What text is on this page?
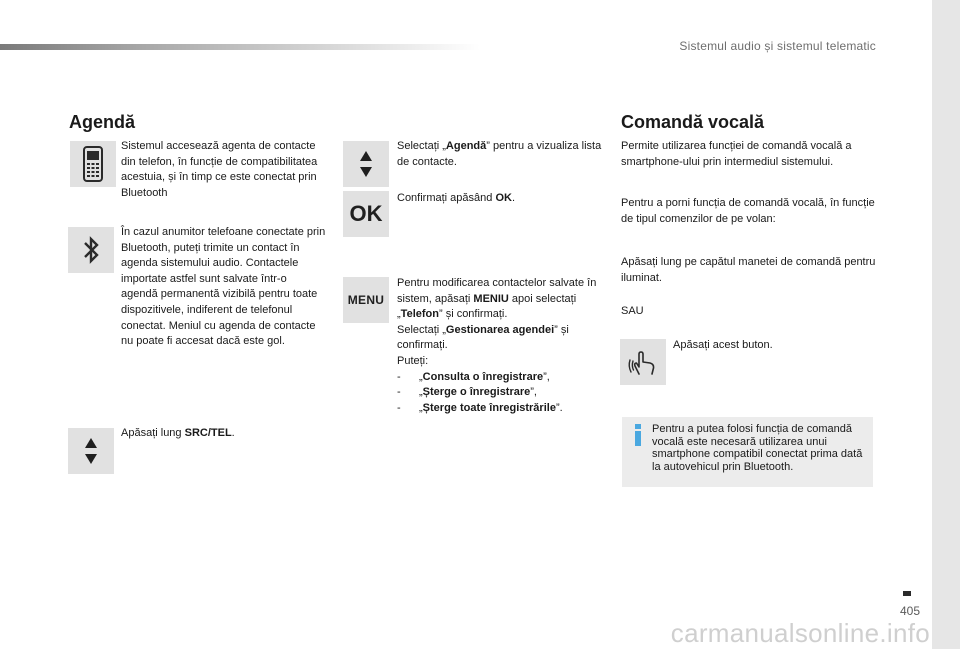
Sistemul audio și sistemul telematic
Agendă
Sistemul accesează agenta de contacte din telefon, în funcție de compatibilitatea acestuia, și în timp ce este conectat prin Bluetooth
În cazul anumitor telefoane conectate prin Bluetooth, puteți trimite un contact în agenda sistemului audio. Contactele importate astfel sunt salvate într-o agendă permanentă vizibilă pentru toate dispozitivele, indiferent de telefonul conectat. Meniul cu agenda de contacte nu poate fi accesat dacă este gol.
Apăsați lung SRC/TEL.
Selectați „Agendă” pentru a vizualiza lista de contacte.
OK
Confirmați apăsând OK.
MENU
Pentru modificarea contactelor salvate în sistem, apăsați MENIU apoi selectați „Telefon” și confirmați.
Selectați „Gestionarea agendei” și confirmați.
Puteți:
- „Consulta o înregistrare”,
- „Șterge o înregistrare”,
- „Șterge toate înregistrările”.
Comandă vocală
Permite utilizarea funcției de comandă vocală a smartphone-ului prin intermediul sistemului.
Pentru a porni funcția de comandă vocală, în funcție de tipul comenzilor de pe volan:
Apăsați lung pe capătul manetei de comandă pentru iluminat.
SAU
Apăsați acest buton.
Pentru a putea folosi funcția de comandă vocală este necesară utilizarea unui smartphone compatibil conectat prima dată la autovehicul prin Bluetooth.
405
carmanualsonline.info
